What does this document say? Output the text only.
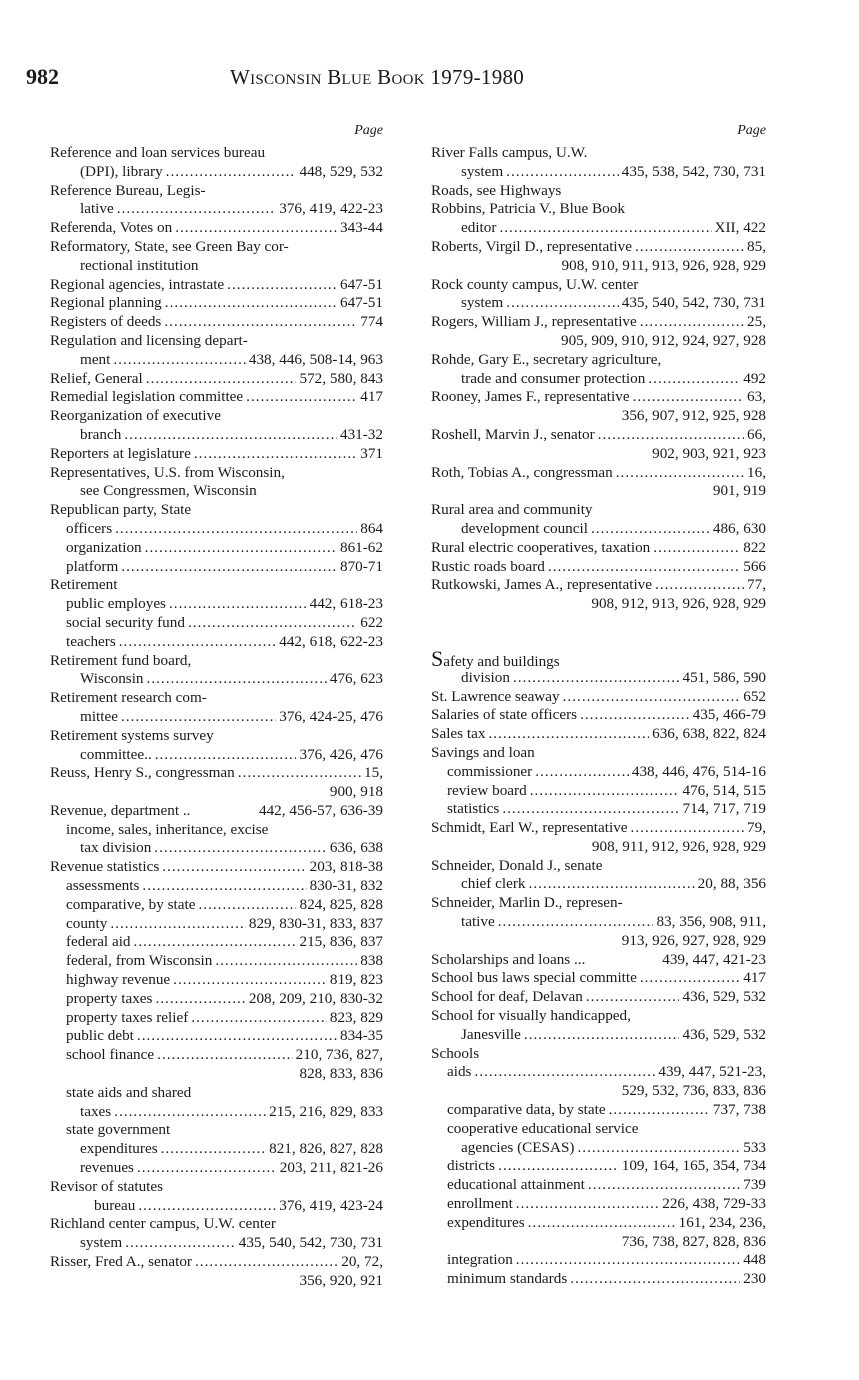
982	Wisconsin Blue Book 1979-1980
Page
Reference and loan services bureau
(DPI), library .....	448, 529, 532
Reference Bureau, Legis-
lative .....	376, 419, 422-23
Referenda, Votes on .....	343-44
Reformatory, State, see Green Bay cor-
rectional institution
Regional agencies, intrastate .....	647-51
Regional planning .....	647-51
Registers of deeds .....	774
Regulation and licensing depart-
ment .....	438, 446, 508-14, 963
Relief, General .....	572, 580, 843
Remedial legislation committee .....	417
Reorganization of executive
branch .....	431-32
Reporters at legislature .....	371
Representatives, U.S. from Wisconsin,
see Congressmen, Wisconsin
Republican party, State
officers .....	864
organization .....	861-62
platform .....	870-71
Retirement
public employes .....	442, 618-23
social security fund .....	622
teachers .....	442, 618, 622-23
Retirement fund board,
Wisconsin .....	476, 623
Retirement research com-
mittee .....	376, 424-25, 476
Retirement systems survey
committee.. .....	376, 426, 476
Reuss, Henry S., congressman .....	15,
900, 918
Revenue, department ..	442, 456-57, 636-39
income, sales, inheritance, excise
tax division .....	636, 638
Revenue statistics .....	203, 818-38
assessments .....	830-31, 832
comparative, by state .....	824, 825, 828
county .....	829, 830-31, 833, 837
federal aid .....	215, 836, 837
federal, from Wisconsin .....	838
highway revenue .....	819, 823
property taxes .....	208, 209, 210, 830-32
property taxes relief .....	823, 829
public debt .....	834-35
school finance .....	210, 736, 827,
828, 833, 836
state aids and shared
taxes .....	215, 216, 829, 833
state government
expenditures .....	821, 826, 827, 828
revenues .....	203, 211, 821-26
Revisor of statutes
bureau .....	376, 419, 423-24
Richland center campus, U.W. center
system .....	435, 540, 542, 730, 731
Risser, Fred A., senator .....	20, 72,
356, 920, 921
Page
River Falls campus, U.W.
system .....	435, 538, 542, 730, 731
Roads, see Highways
Robbins, Patricia V., Blue Book
editor .....	XII, 422
Roberts, Virgil D., representative .....	85,
908, 910, 911, 913, 926, 928, 929
Rock county campus, U.W. center
system .....	435, 540, 542, 730, 731
Rogers, William J., representative .....	25,
905, 909, 910, 912, 924, 927, 928
Rohde, Gary E., secretary agriculture,
trade and consumer protection .....	492
Rooney, James F., representative .....	63,
356, 907, 912, 925, 928
Roshell, Marvin J., senator .....	66,
902, 903, 921, 923
Roth, Tobias A., congressman .....	16,
901, 919
Rural area and community
development council .....	486, 630
Rural electric cooperatives, taxation .....	822
Rustic roads board .....	566
Rutkowski, James A., representative .....	77,
908, 912, 913, 926, 928, 929
Safety and buildings
division .....	451, 586, 590
St. Lawrence seaway .....	652
Salaries of state officers .....	435, 466-79
Sales tax .....	636, 638, 822, 824
Savings and loan
commissioner .....	438, 446, 476, 514-16
review board .....	476, 514, 515
statistics .....	714, 717, 719
Schmidt, Earl W., representative .....	79,
908, 911, 912, 926, 928, 929
Schneider, Donald J., senate
chief clerk .....	20, 88, 356
Schneider, Marlin D., represen-
tative .....	83, 356, 908, 911,
913, 926, 927, 928, 929
Scholarships and loans ...	439, 447, 421-23
School bus laws special committe .....	417
School for deaf, Delavan .....	436, 529, 532
School for visually handicapped,
Janesville .....	436, 529, 532
Schools
aids .....	439, 447, 521-23,
529, 532, 736, 833, 836
comparative data, by state .....	737, 738
cooperative educational service
agencies (CESAS) .....	533
districts .....	109, 164, 165, 354, 734
educational attainment .....	739
enrollment .....	226, 438, 729-33
expenditures .....	161, 234, 236,
736, 738, 827, 828, 836
integration .....	448
minimum standards .....	230
